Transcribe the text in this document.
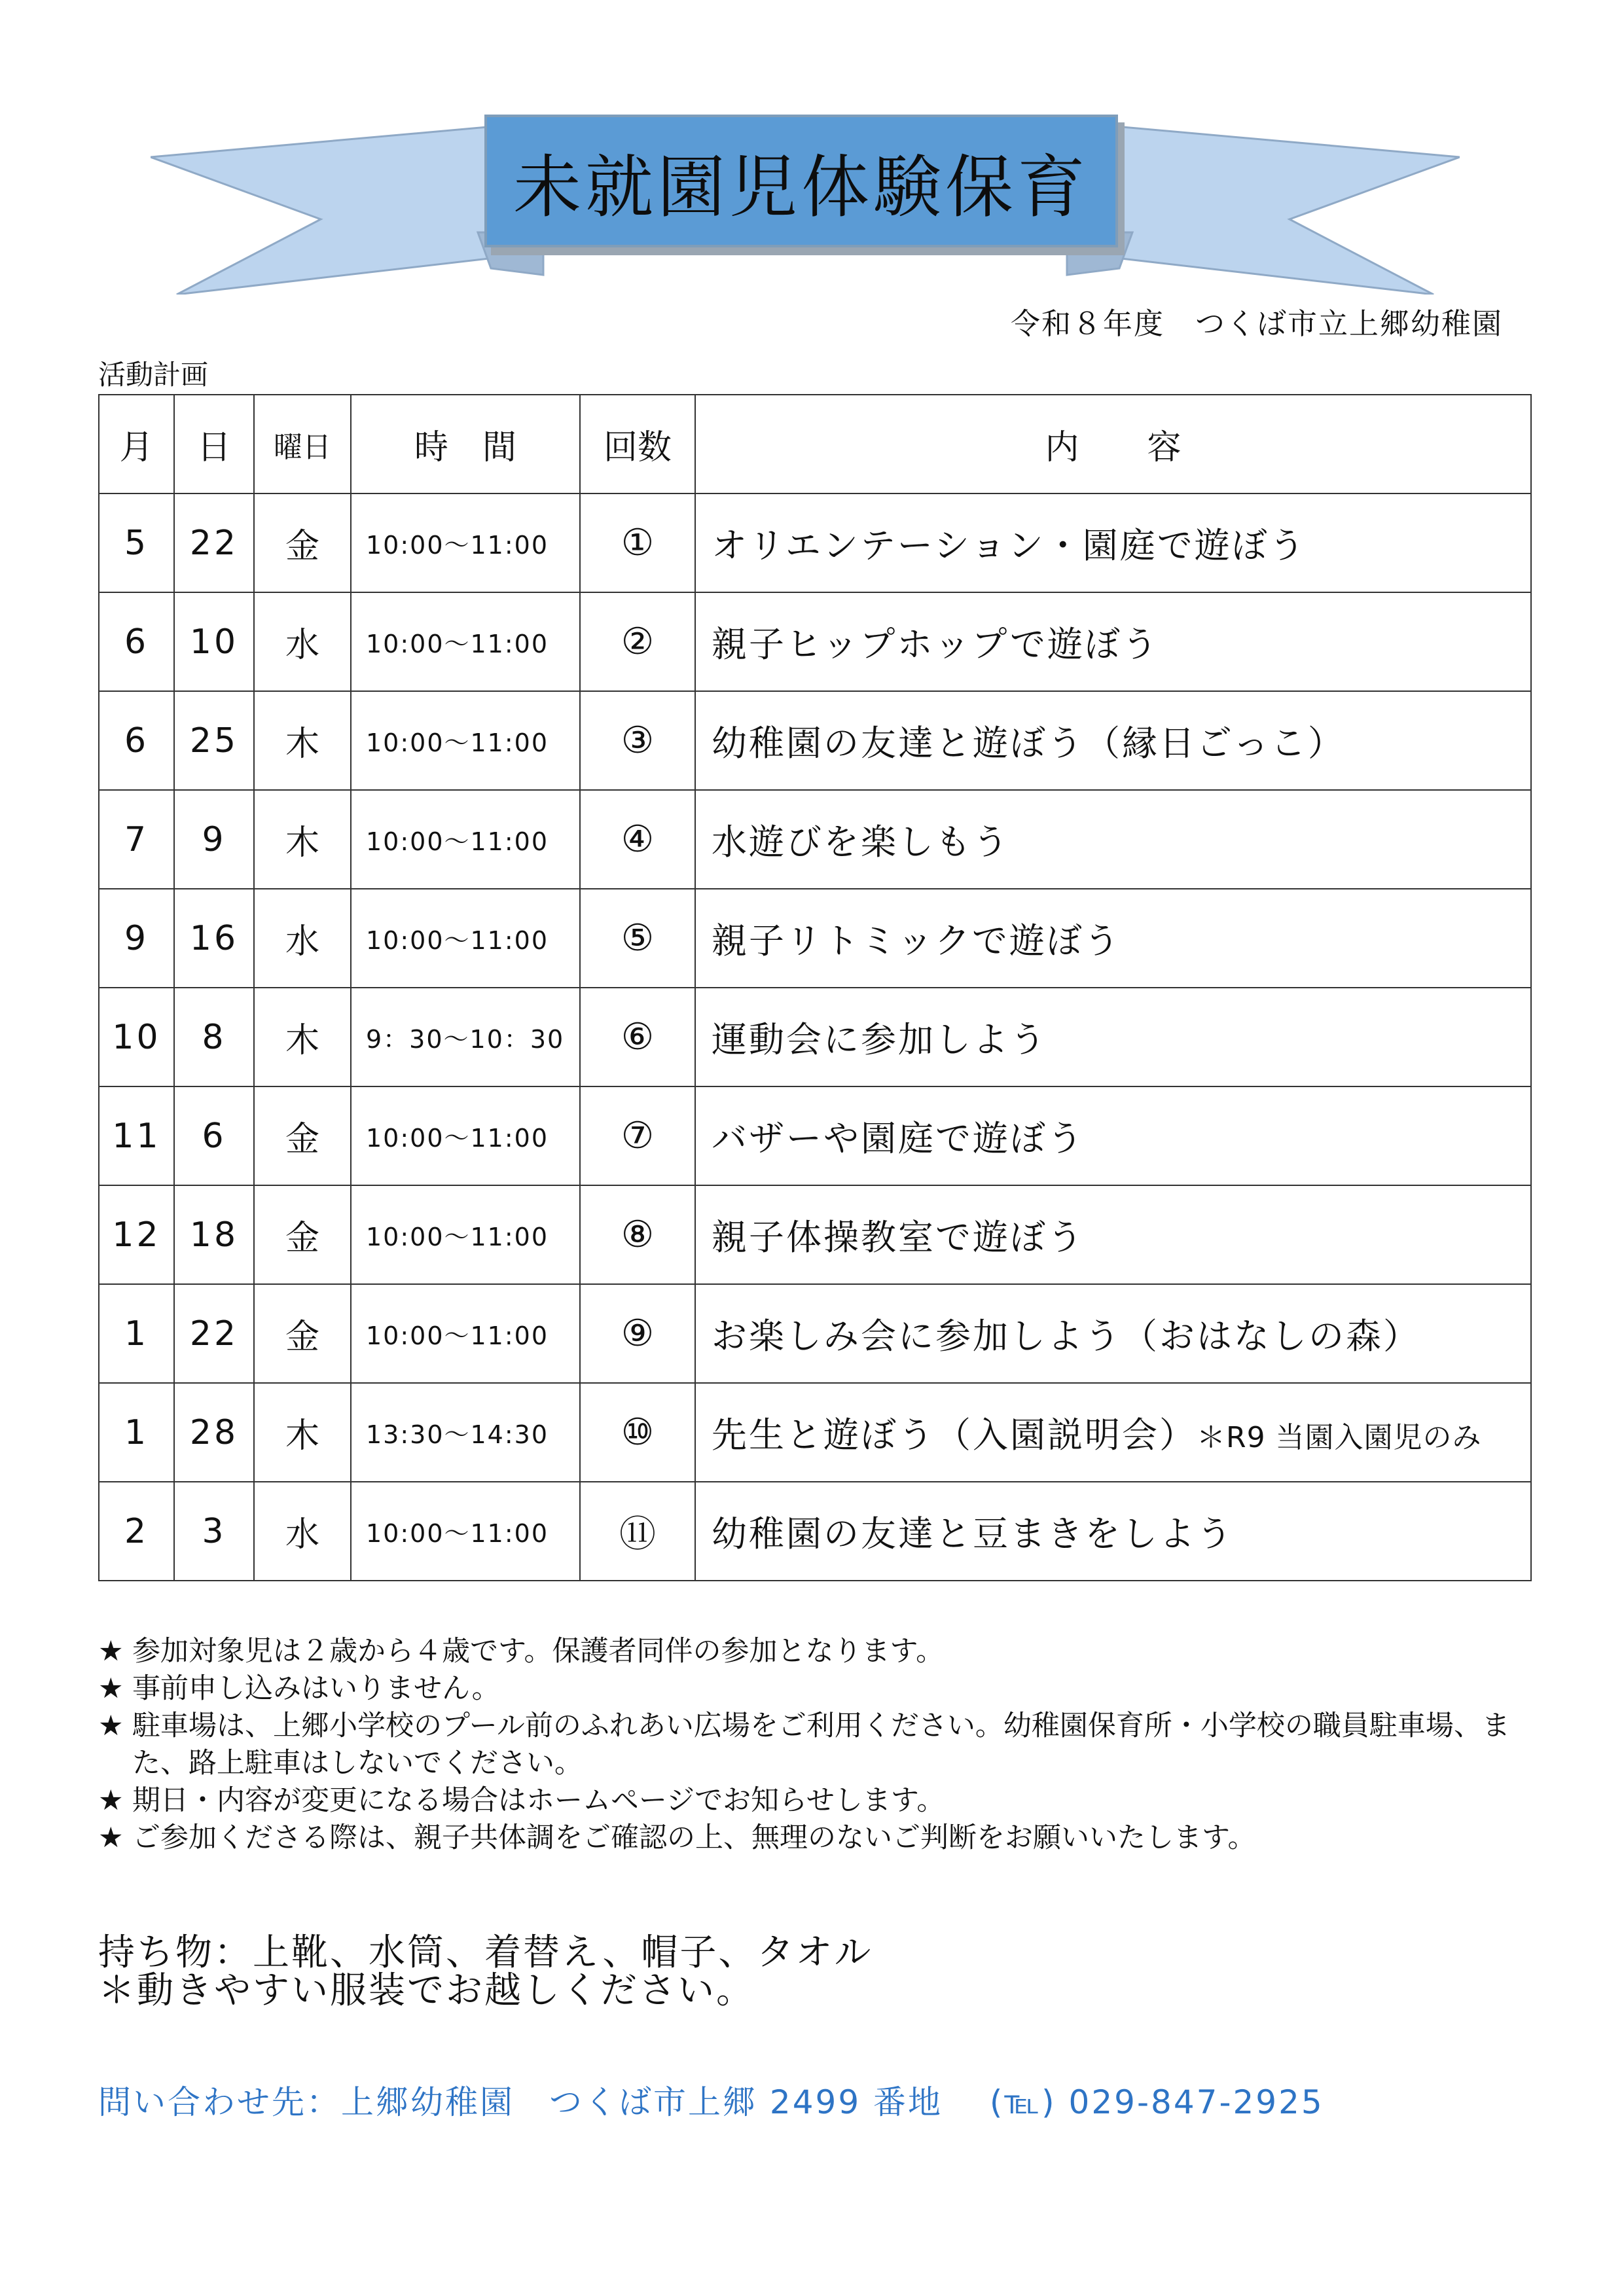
未就園児体験保育
令和８年度　つくば市立上郷幼稚園
活動計画
月	日	曜日	時　間	回数	内　　容
5	22	金	10:00〜11:00	①	オリエンテーション・園庭で遊ぼう
6	10	水	10:00〜11:00	②	親子ヒップホップで遊ぼう
6	25	木	10:00〜11:00	③	幼稚園の友達と遊ぼう（縁日ごっこ）
7	9	木	10:00〜11:00	④	水遊びを楽しもう
9	16	水	10:00〜11:00	⑤	親子リトミックで遊ぼう
10	8	木	9：30〜10：30	⑥	運動会に参加しよう
11	6	金	10:00〜11:00	⑦	バザーや園庭で遊ぼう
12	18	金	10:00〜11:00	⑧	親子体操教室で遊ぼう
1	22	金	10:00〜11:00	⑨	お楽しみ会に参加しよう（おはなしの森）
1	28	木	13:30〜14:30	⑩	先生と遊ぼう（入園説明会）＊R9 当園入園児のみ
2	3	水	10:00〜11:00	⑪	幼稚園の友達と豆まきをしよう
★ 参加対象児は２歳から４歳です。保護者同伴の参加となります。
★ 事前申し込みはいりません。
★ 駐車場は、上郷小学校のプール前のふれあい広場をご利用ください。幼稚園保育所・小学校の職員駐車場、また、路上駐車はしないでください。
★ 期日・内容が変更になる場合はホームページでお知らせします。
★ ご参加くださる際は、親子共体調をご確認の上、無理のないご判断をお願いいたします。
持ち物：上靴、水筒、着替え、帽子、タオル
＊動きやすい服装でお越しください。
問い合わせ先：上郷幼稚園　つくば市上郷 2499 番地　 (℡) 029-847-2925
